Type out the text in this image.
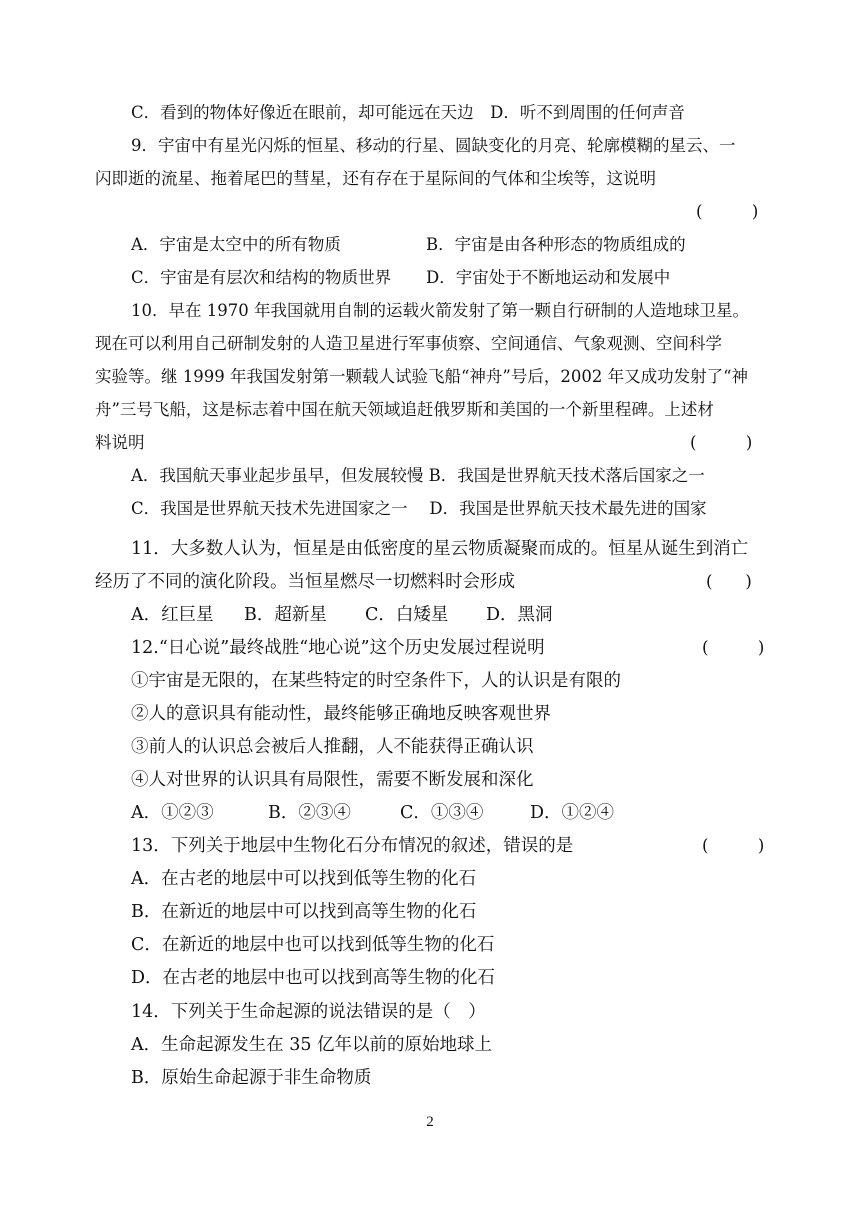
C．看到的物体好像近在眼前，却可能远在天边　D．听不到周围的任何声音
9．宇宙中有星光闪烁的恒星、移动的行星、圆缺变化的月亮、轮廓模糊的星云、一
闪即逝的流星、拖着尾巴的彗星，还有存在于星际间的气体和尘埃等，这说明
(　　　)
A．宇宙是太空中的所有物质	B．宇宙是由各种形态的物质组成的
C．宇宙是有层次和结构的物质世界 D．宇宙处于不断地运动和发展中
10．早在 1970 年我国就用自制的运载火箭发射了第一颗自行研制的人造地球卫星。
现在可以利用自己研制发射的人造卫星进行军事侦察、空间通信、气象观测、空间科学
实验等。继 1999 年我国发射第一颗载人试验飞船“神舟”号后，2002 年又成功发射了“神
舟”三号飞船，这是标志着中国在航天领域追赶俄罗斯和美国的一个新里程碑。上述材
料说明	(　　　)
A．我国航天事业起步虽早，但发展较慢 B．我国是世界航天技术落后国家之一
C．我国是世界航天技术先进国家之一　 D．我国是世界航天技术最先进的国家
11．大多数人认为，恒星是由低密度的星云物质凝聚而成的。恒星从诞生到消亡
经历了不同的演化阶段。当恒星燃尽一切燃料时会形成	(　　)
A．红巨星 B．超新星 C．白矮星 D．黑洞
12.“日心说”最终战胜“地心说”这个历史发展过程说明	(　　　)
①宇宙是无限的，在某些特定的时空条件下，人的认识是有限的
②人的意识具有能动性，最终能够正确地反映客观世界
③前人的认识总会被后人推翻，人不能获得正确认识
④人对世界的认识具有局限性，需要不断发展和深化
A．①②③	B．②③④	C．①③④	D．①②④
13．下列关于地层中生物化石分布情况的叙述，错误的是	(　　　)
A．在古老的地层中可以找到低等生物的化石
B．在新近的地层中可以找到高等生物的化石
C．在新近的地层中也可以找到低等生物的化石
D．在古老的地层中也可以找到高等生物的化石
14．下列关于生命起源的说法错误的是（　）
A．生命起源发生在 35 亿年以前的原始地球上
B．原始生命起源于非生命物质
2
